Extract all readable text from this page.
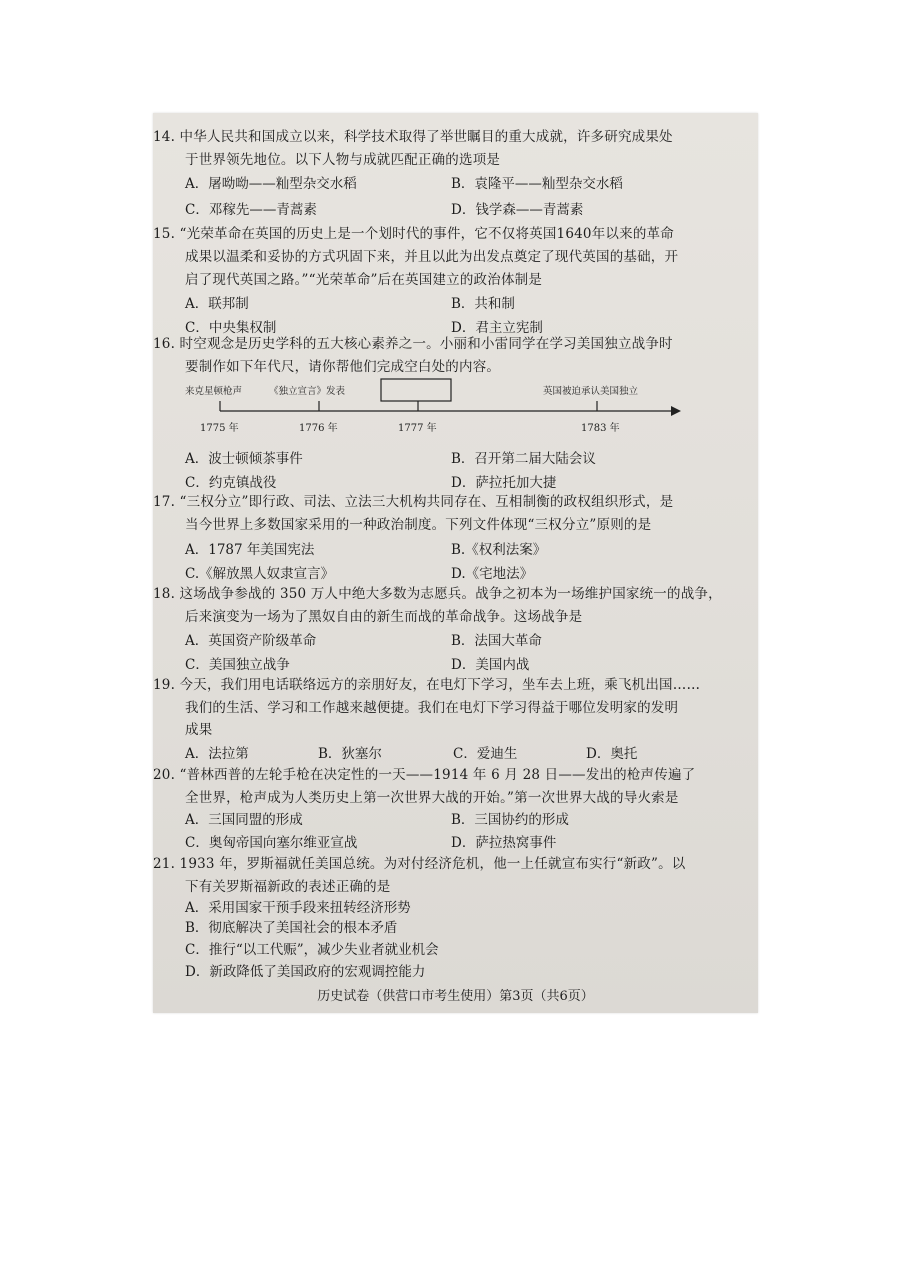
14. 中华人民共和国成立以来，科学技术取得了举世瞩目的重大成就，许多研究成果处
于世界领先地位。以下人物与成就匹配正确的选项是
A．屠呦呦——籼型杂交水稻	B．袁隆平——籼型杂交水稻
C．邓稼先——青蒿素	D．钱学森——青蒿素
15. “光荣革命在英国的历史上是一个划时代的事件，它不仅将英国1640年以来的革命
成果以温柔和妥协的方式巩固下来，并且以此为出发点奠定了现代英国的基础，开
启了现代英国之路。”“光荣革命”后在英国建立的政治体制是
A．联邦制	B．共和制
C．中央集权制	D．君主立宪制
16. 时空观念是历史学科的五大核心素养之一。小丽和小雷同学在学习美国独立战争时
要制作如下年代尺，请你帮他们完成空白处的内容。
来克星顿枪声	《独立宣言》发表	英国被迫承认美国独立
1775 年	1776 年	1777 年	1783 年
A．波士顿倾茶事件	B．召开第二届大陆会议
C．约克镇战役	D．萨拉托加大捷
17. “三权分立”即行政、司法、立法三大机构共同存在、互相制衡的政权组织形式，是
当今世界上多数国家采用的一种政治制度。下列文件体现“三权分立”原则的是
A．1787 年美国宪法	B.《权利法案》
C.《解放黑人奴隶宣言》	D.《宅地法》
18. 这场战争参战的 350 万人中绝大多数为志愿兵。战争之初本为一场维护国家统一的战争，
后来演变为一场为了黑奴自由的新生而战的革命战争。这场战争是
A．英国资产阶级革命	B．法国大革命
C．美国独立战争	D．美国内战
19. 今天，我们用电话联络远方的亲朋好友，在电灯下学习，坐车去上班，乘飞机出国……
我们的生活、学习和工作越来越便捷。我们在电灯下学习得益于哪位发明家的发明
成果
A．法拉第	B．狄塞尔	C．爱迪生	D．奥托
20. “普林西普的左轮手枪在决定性的一天——1914 年 6 月 28 日——发出的枪声传遍了
全世界，枪声成为人类历史上第一次世界大战的开始。”第一次世界大战的导火索是
A．三国同盟的形成	B．三国协约的形成
C．奥匈帝国向塞尔维亚宣战	D．萨拉热窝事件
21. 1933 年，罗斯福就任美国总统。为对付经济危机，他一上任就宣布实行“新政”。以
下有关罗斯福新政的表述正确的是
A．采用国家干预手段来扭转经济形势
B．彻底解决了美国社会的根本矛盾
C．推行“以工代赈”，减少失业者就业机会
D．新政降低了美国政府的宏观调控能力
历史试卷（供营口市考生使用）第3页（共6页）
